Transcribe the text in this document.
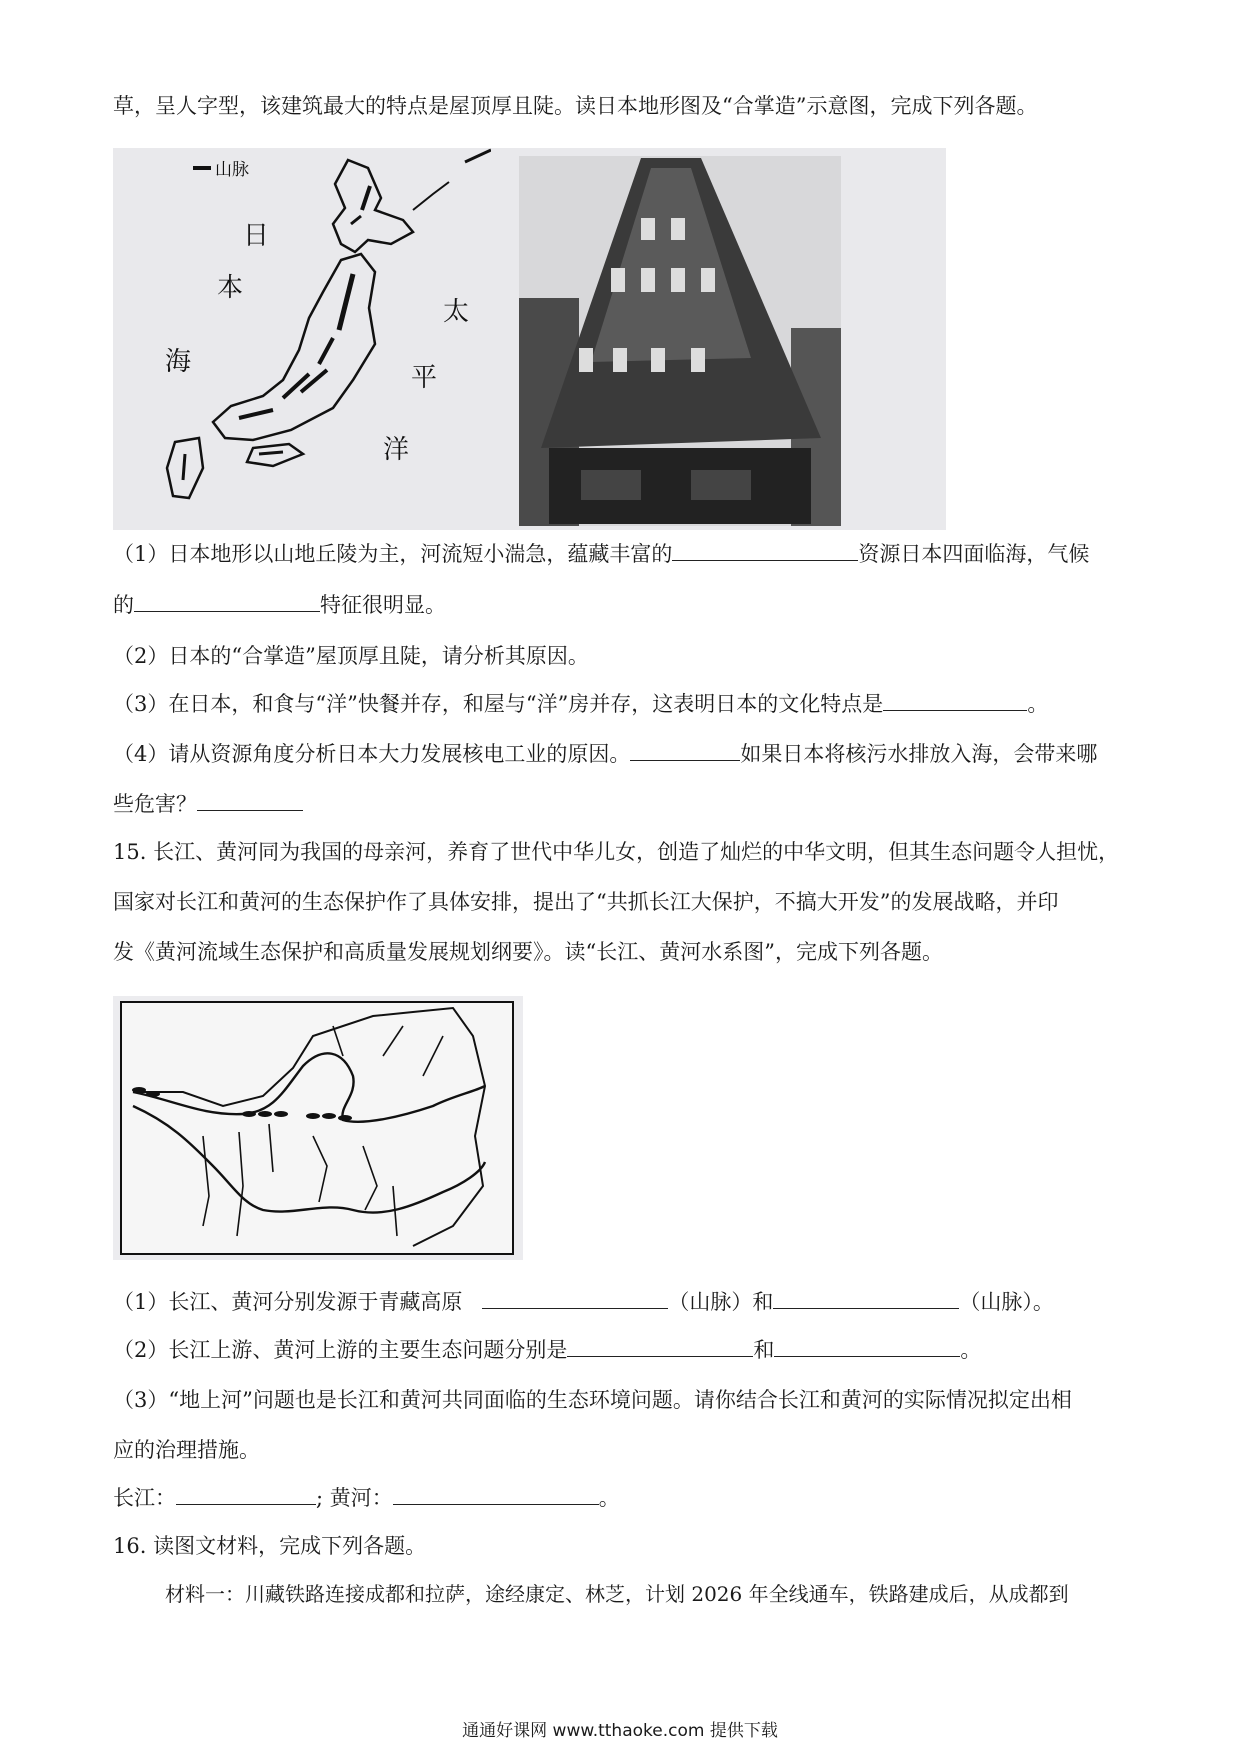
草，呈人字型，该建筑最大的特点是屋顶厚且陡。读日本地形图及“合掌造”示意图，完成下列各题。
山脉
日
本
海
太
平
洋
（1）日本地形以山地丘陵为主，河流短小湍急，蕴藏丰富的	资源日本四面临海，气候
的	特征很明显。
（2）日本的“合掌造”屋顶厚且陡，请分析其原因。
（3）在日本，和食与“洋”快餐并存，和屋与“洋”房并存，这表明日本的文化特点是	。
（4）请从资源角度分析日本大力发展核电工业的原因。	如果日本将核污水排放入海，会带来哪
些危害？
15. 长江、黄河同为我国的母亲河，养育了世代中华儿女，创造了灿烂的中华文明，但其生态问题令人担忧，
国家对长江和黄河的生态保护作了具体安排，提出了“共抓长江大保护，不搞大开发”的发展战略，并印
发《黄河流域生态保护和高质量发展规划纲要》。读“长江、黄河水系图”，完成下列各题。
（1）长江、黄河分别发源于青藏高原	（山脉）和	（山脉）。
（2）长江上游、黄河上游的主要生态问题分别是	和	。
（3）“地上河”问题也是长江和黄河共同面临的生态环境问题。请你结合长江和黄河的实际情况拟定出相
应的治理措施。
长江：	; 黄河：	。
16. 读图文材料，完成下列各题。
材料一：川藏铁路连接成都和拉萨，途经康定、林芝，计划 2026 年全线通车，铁路建成后，从成都到
通通好课网 www.tthaoke.com 提供下载
